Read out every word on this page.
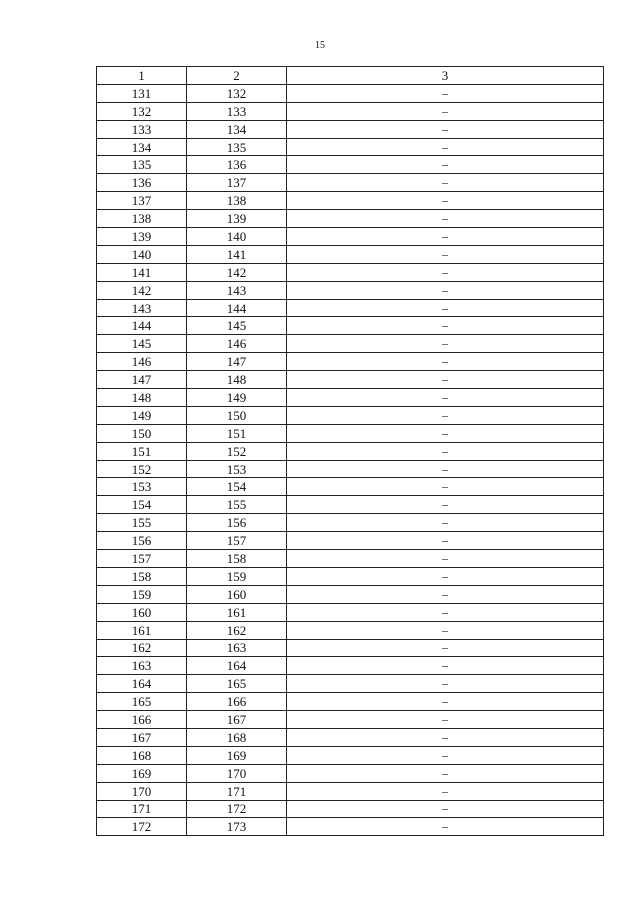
15
1	2	3
131	132	–
132	133	–
133	134	–
134	135	–
135	136	–
136	137	–
137	138	–
138	139	–
139	140	–
140	141	–
141	142	–
142	143	–
143	144	–
144	145	–
145	146	–
146	147	–
147	148	–
148	149	–
149	150	–
150	151	–
151	152	–
152	153	–
153	154	–
154	155	–
155	156	–
156	157	–
157	158	–
158	159	–
159	160	–
160	161	–
161	162	–
162	163	–
163	164	–
164	165	–
165	166	–
166	167	–
167	168	–
168	169	–
169	170	–
170	171	–
171	172	–
172	173	–
